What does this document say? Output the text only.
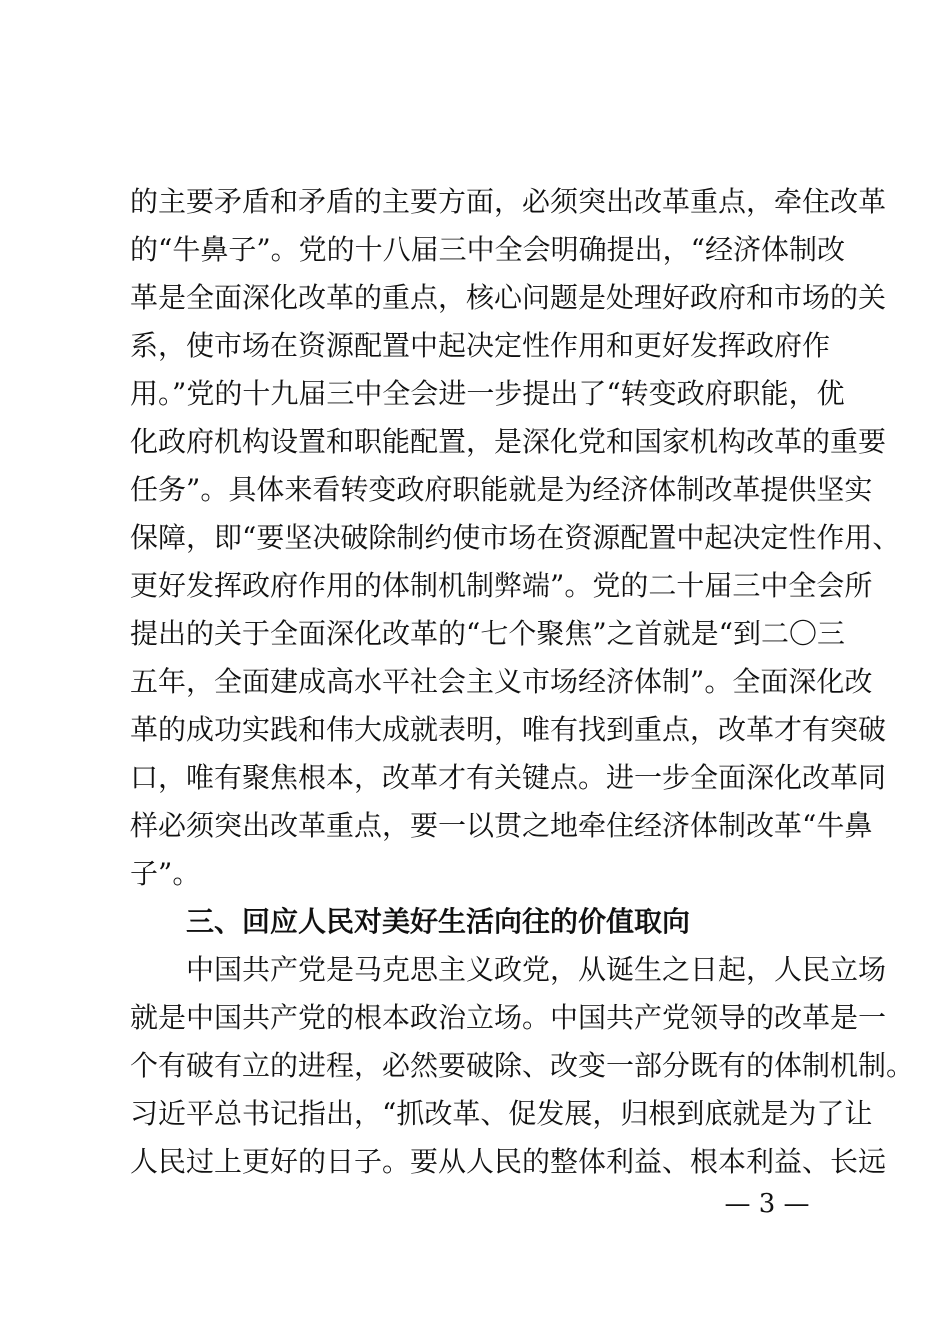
的主要矛盾和矛盾的主要方面，必须突出改革重点，牵住改革
的“牛鼻子”。党的十八届三中全会明确提出，“经济体制改
革是全面深化改革的重点，核心问题是处理好政府和市场的关
系，使市场在资源配置中起决定性作用和更好发挥政府作
用。”党的十九届三中全会进一步提出了“转变政府职能，优
化政府机构设置和职能配置，是深化党和国家机构改革的重要
任务”。具体来看转变政府职能就是为经济体制改革提供坚实
保障，即“要坚决破除制约使市场在资源配置中起决定性作用、
更好发挥政府作用的体制机制弊端”。党的二十届三中全会所
提出的关于全面深化改革的“七个聚焦”之首就是“到二〇三
五年，全面建成高水平社会主义市场经济体制”。全面深化改
革的成功实践和伟大成就表明，唯有找到重点，改革才有突破
口，唯有聚焦根本，改革才有关键点。进一步全面深化改革同
样必须突出改革重点，要一以贯之地牵住经济体制改革“牛鼻
子”。
三、回应人民对美好生活向往的价值取向
中国共产党是马克思主义政党，从诞生之日起，人民立场
就是中国共产党的根本政治立场。中国共产党领导的改革是一
个有破有立的进程，必然要破除、改变一部分既有的体制机制。
习近平总书记指出，“抓改革、促发展，归根到底就是为了让
人民过上更好的日子。要从人民的整体利益、根本利益、长远
— 3 —
